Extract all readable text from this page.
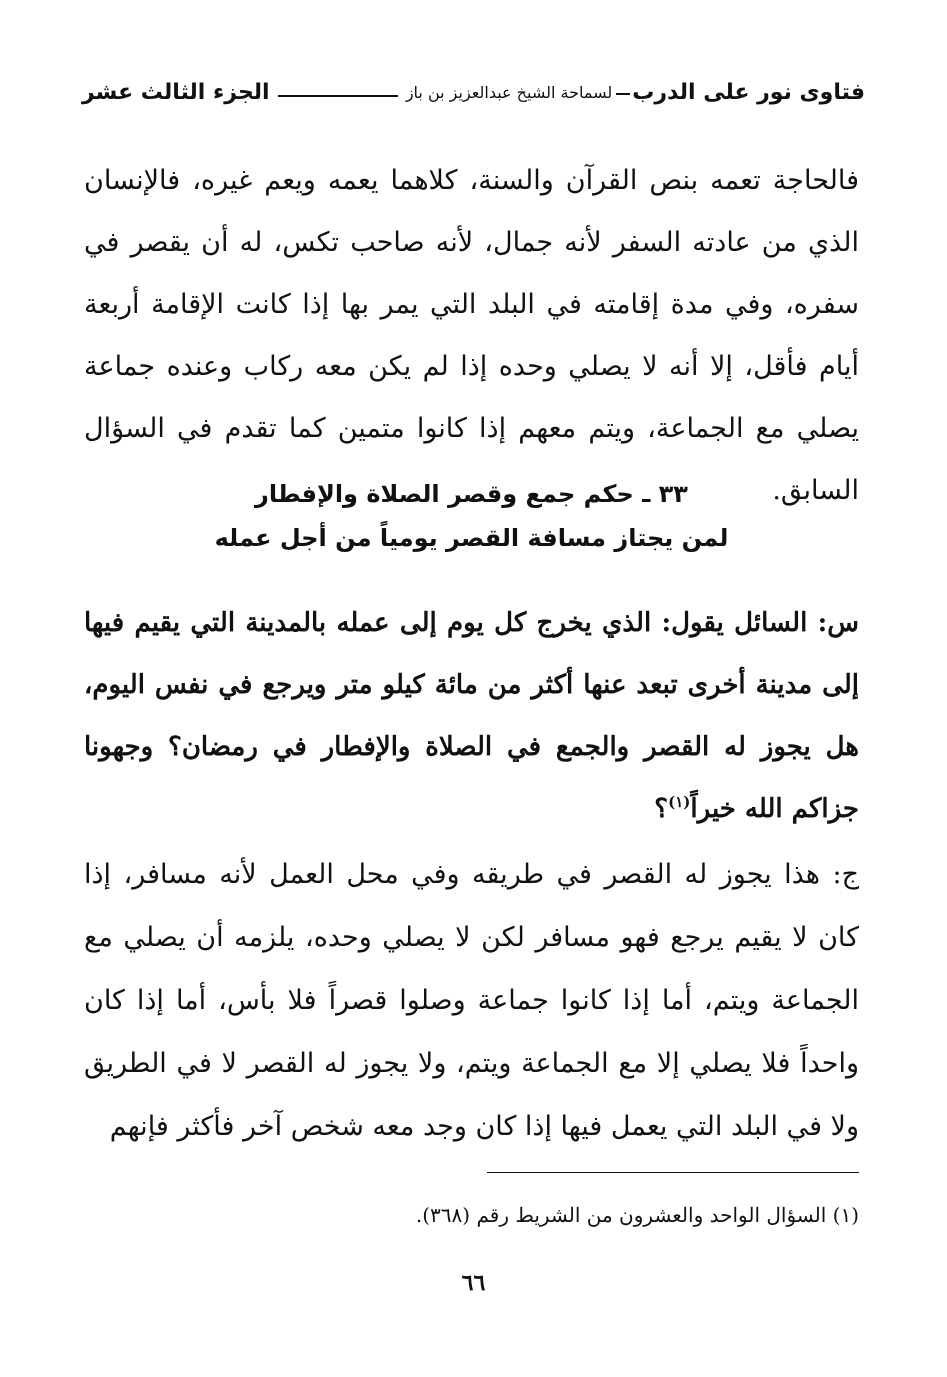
فتاوى نور على الدرب
لسماحة الشيخ عبدالعزيز بن باز
الجزء الثالث عشر
فالحاجة تعمه بنص القرآن والسنة، كلاهما يعمه ويعم غيره، فالإنسان الذي من عادته السفر لأنه جمال، لأنه صاحب تكس، له أن يقصر في سفره، وفي مدة إقامته في البلد التي يمر بها إذا كانت الإقامة أربعة أيام فأقل، إلا أنه لا يصلي وحده إذا لم يكن معه ركاب وعنده جماعة يصلي مع الجماعة، ويتم معهم إذا كانوا متمين كما تقدم في السؤال السابق.
٣٣ ـ حكم جمع وقصر الصلاة والإفطار
لمن يجتاز مسافة القصر يومياً من أجل عمله
س: السائل يقول: الذي يخرج كل يوم إلى عمله بالمدينة التي يقيم فيها إلى مدينة أخرى تبعد عنها أكثر من مائة كيلو متر ويرجع في نفس اليوم، هل يجوز له القصر والجمع في الصلاة والإفطار في رمضان؟ وجهونا جزاكم الله خيراً$^{(١)}$؟
ج: هذا يجوز له القصر في طريقه وفي محل العمل لأنه مسافر، إذا كان لا يقيم يرجع فهو مسافر لكن لا يصلي وحده، يلزمه أن يصلي مع الجماعة ويتم، أما إذا كانوا جماعة وصلوا قصراً فلا بأس، أما إذا كان واحداً فلا يصلي إلا مع الجماعة ويتم، ولا يجوز له القصر لا في الطريق ولا في البلد التي يعمل فيها إذا كان وجد معه شخص آخر فأكثر فإنهم
(١) السؤال الواحد والعشرون من الشريط رقم (٣٦٨).
٦٦
